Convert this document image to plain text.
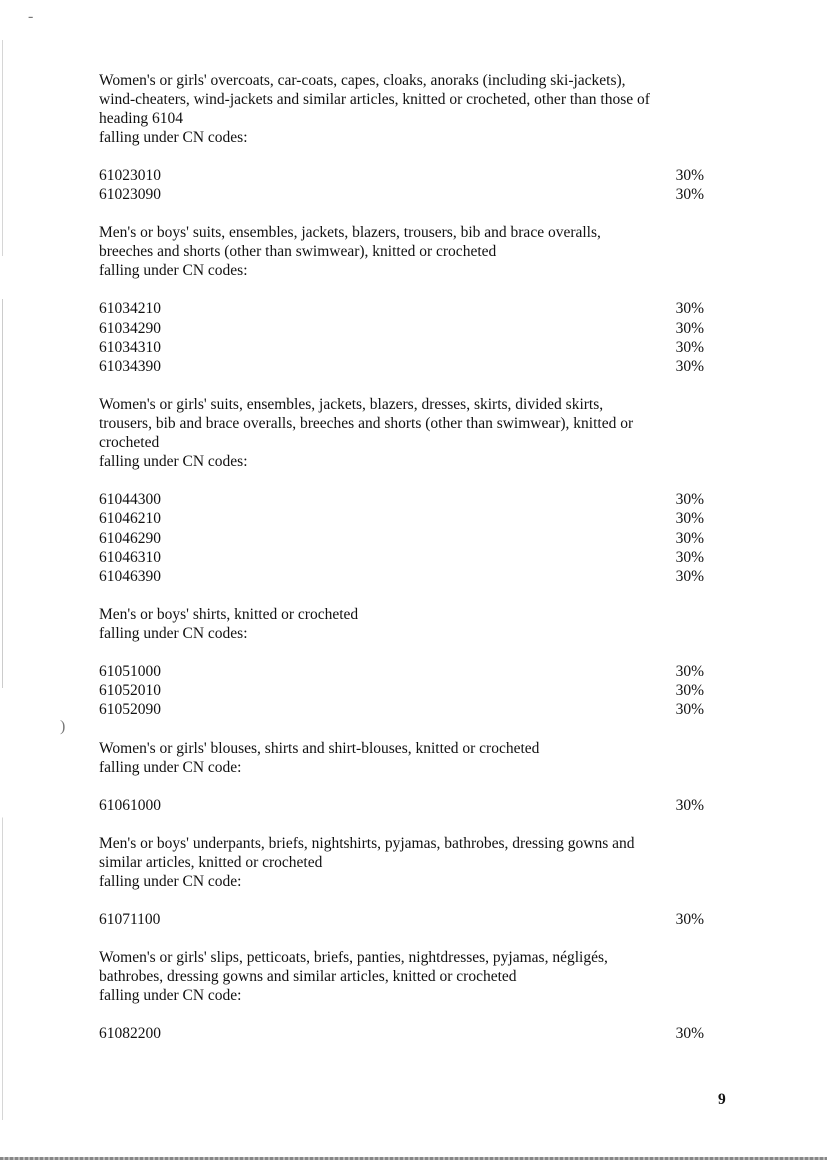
-
)
Women's or girls' overcoats, car-coats, capes, cloaks, anoraks (including ski-jackets),
wind-cheaters, wind-jackets and similar articles, knitted or crocheted, other than those of
heading 6104
falling under CN codes:
61023010	30%
61023090	30%
Men's or boys' suits, ensembles, jackets, blazers, trousers, bib and brace overalls,
breeches and shorts (other than swimwear), knitted or crocheted
falling under CN codes:
61034210	30%
61034290	30%
61034310	30%
61034390	30%
Women's or girls' suits, ensembles, jackets, blazers, dresses, skirts, divided skirts,
trousers, bib and brace overalls, breeches and shorts (other than swimwear), knitted or
crocheted
falling under CN codes:
61044300	30%
61046210	30%
61046290	30%
61046310	30%
61046390	30%
Men's or boys' shirts, knitted or crocheted
falling under CN codes:
61051000	30%
61052010	30%
61052090	30%
Women's or girls' blouses, shirts and shirt-blouses, knitted or crocheted
falling under CN code:
61061000	30%
Men's or boys' underpants, briefs, nightshirts, pyjamas, bathrobes, dressing gowns and
similar articles, knitted or crocheted
falling under CN code:
61071100	30%
Women's or girls' slips, petticoats, briefs, panties, nightdresses, pyjamas, négligés,
bathrobes, dressing gowns and similar articles, knitted or crocheted
falling under CN code:
61082200	30%
9
